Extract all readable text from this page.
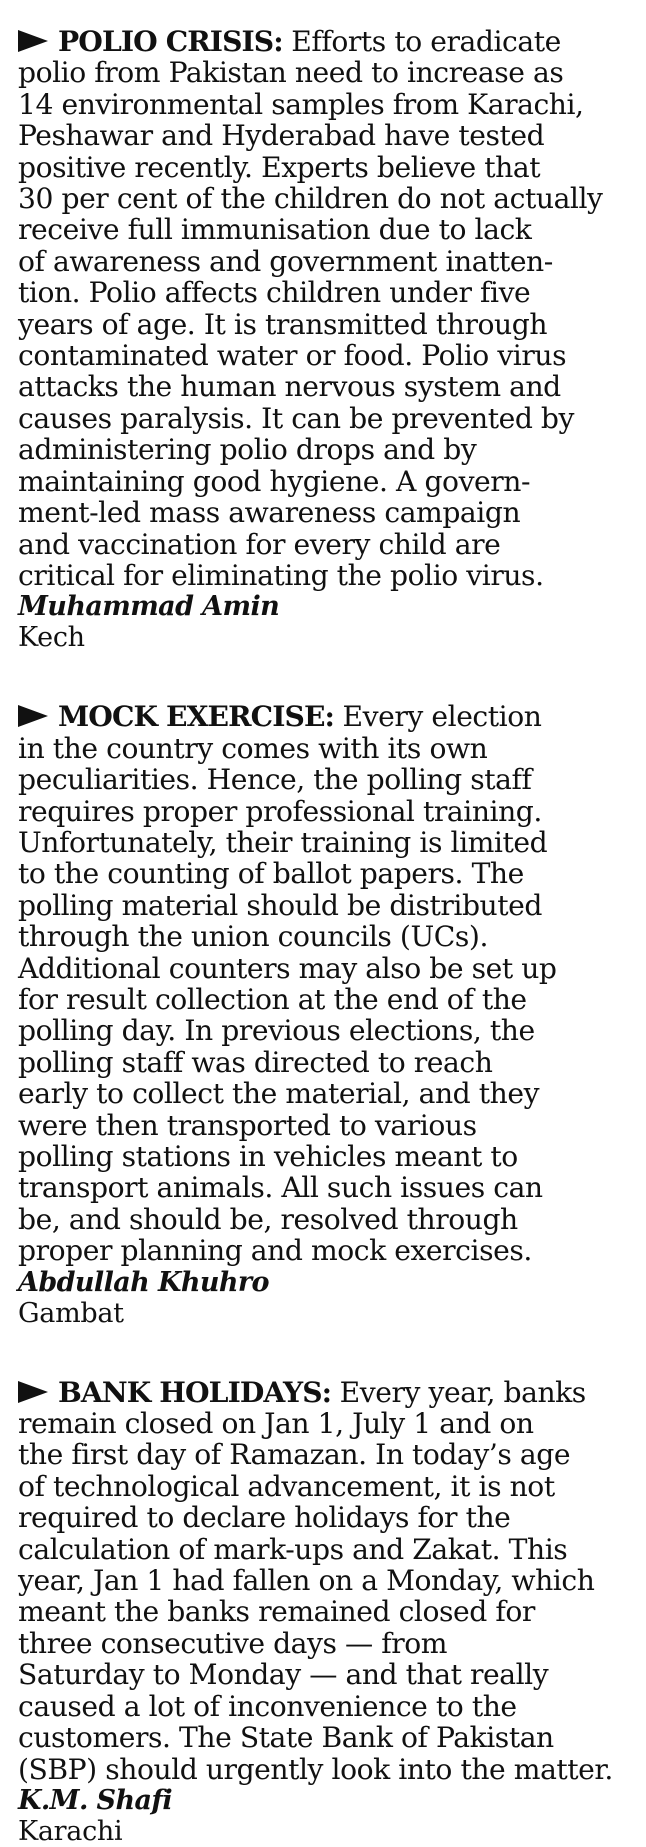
POLIO CRISIS: Efforts to eradicate
polio from Pakistan need to increase as
14 environmental samples from Karachi,
Peshawar and Hyderabad have tested
positive recently. Experts believe that
30 per cent of the children do not actually
receive full immunisation due to lack
of awareness and government inatten-
tion. Polio affects children under five
years of age. It is transmitted through
contaminated water or food. Polio virus
attacks the human nervous system and
causes paralysis. It can be prevented by
administering polio drops and by
maintaining good hygiene. A govern-
ment-led mass awareness campaign
and vaccination for every child are
critical for eliminating the polio virus.
Muhammad Amin
Kech
MOCK EXERCISE: Every election
in the country comes with its own
peculiarities. Hence, the polling staff
requires proper professional training.
Unfortunately, their training is limited
to the counting of ballot papers. The
polling material should be distributed
through the union councils (UCs).
Additional counters may also be set up
for result collection at the end of the
polling day. In previous elections, the
polling staff was directed to reach
early to collect the material, and they
were then transported to various
polling stations in vehicles meant to
transport animals. All such issues can
be, and should be, resolved through
proper planning and mock exercises.
Abdullah Khuhro
Gambat
BANK HOLIDAYS: Every year, banks
remain closed on Jan 1, July 1 and on
the first day of Ramazan. In today’s age
of technological advancement, it is not
required to declare holidays for the
calculation of mark-ups and Zakat. This
year, Jan 1 had fallen on a Monday, which
meant the banks remained closed for
three consecutive days — from
Saturday to Monday — and that really
caused a lot of inconvenience to the
customers. The State Bank of Pakistan
(SBP) should urgently look into the matter.
K.M. Shafi
Karachi
